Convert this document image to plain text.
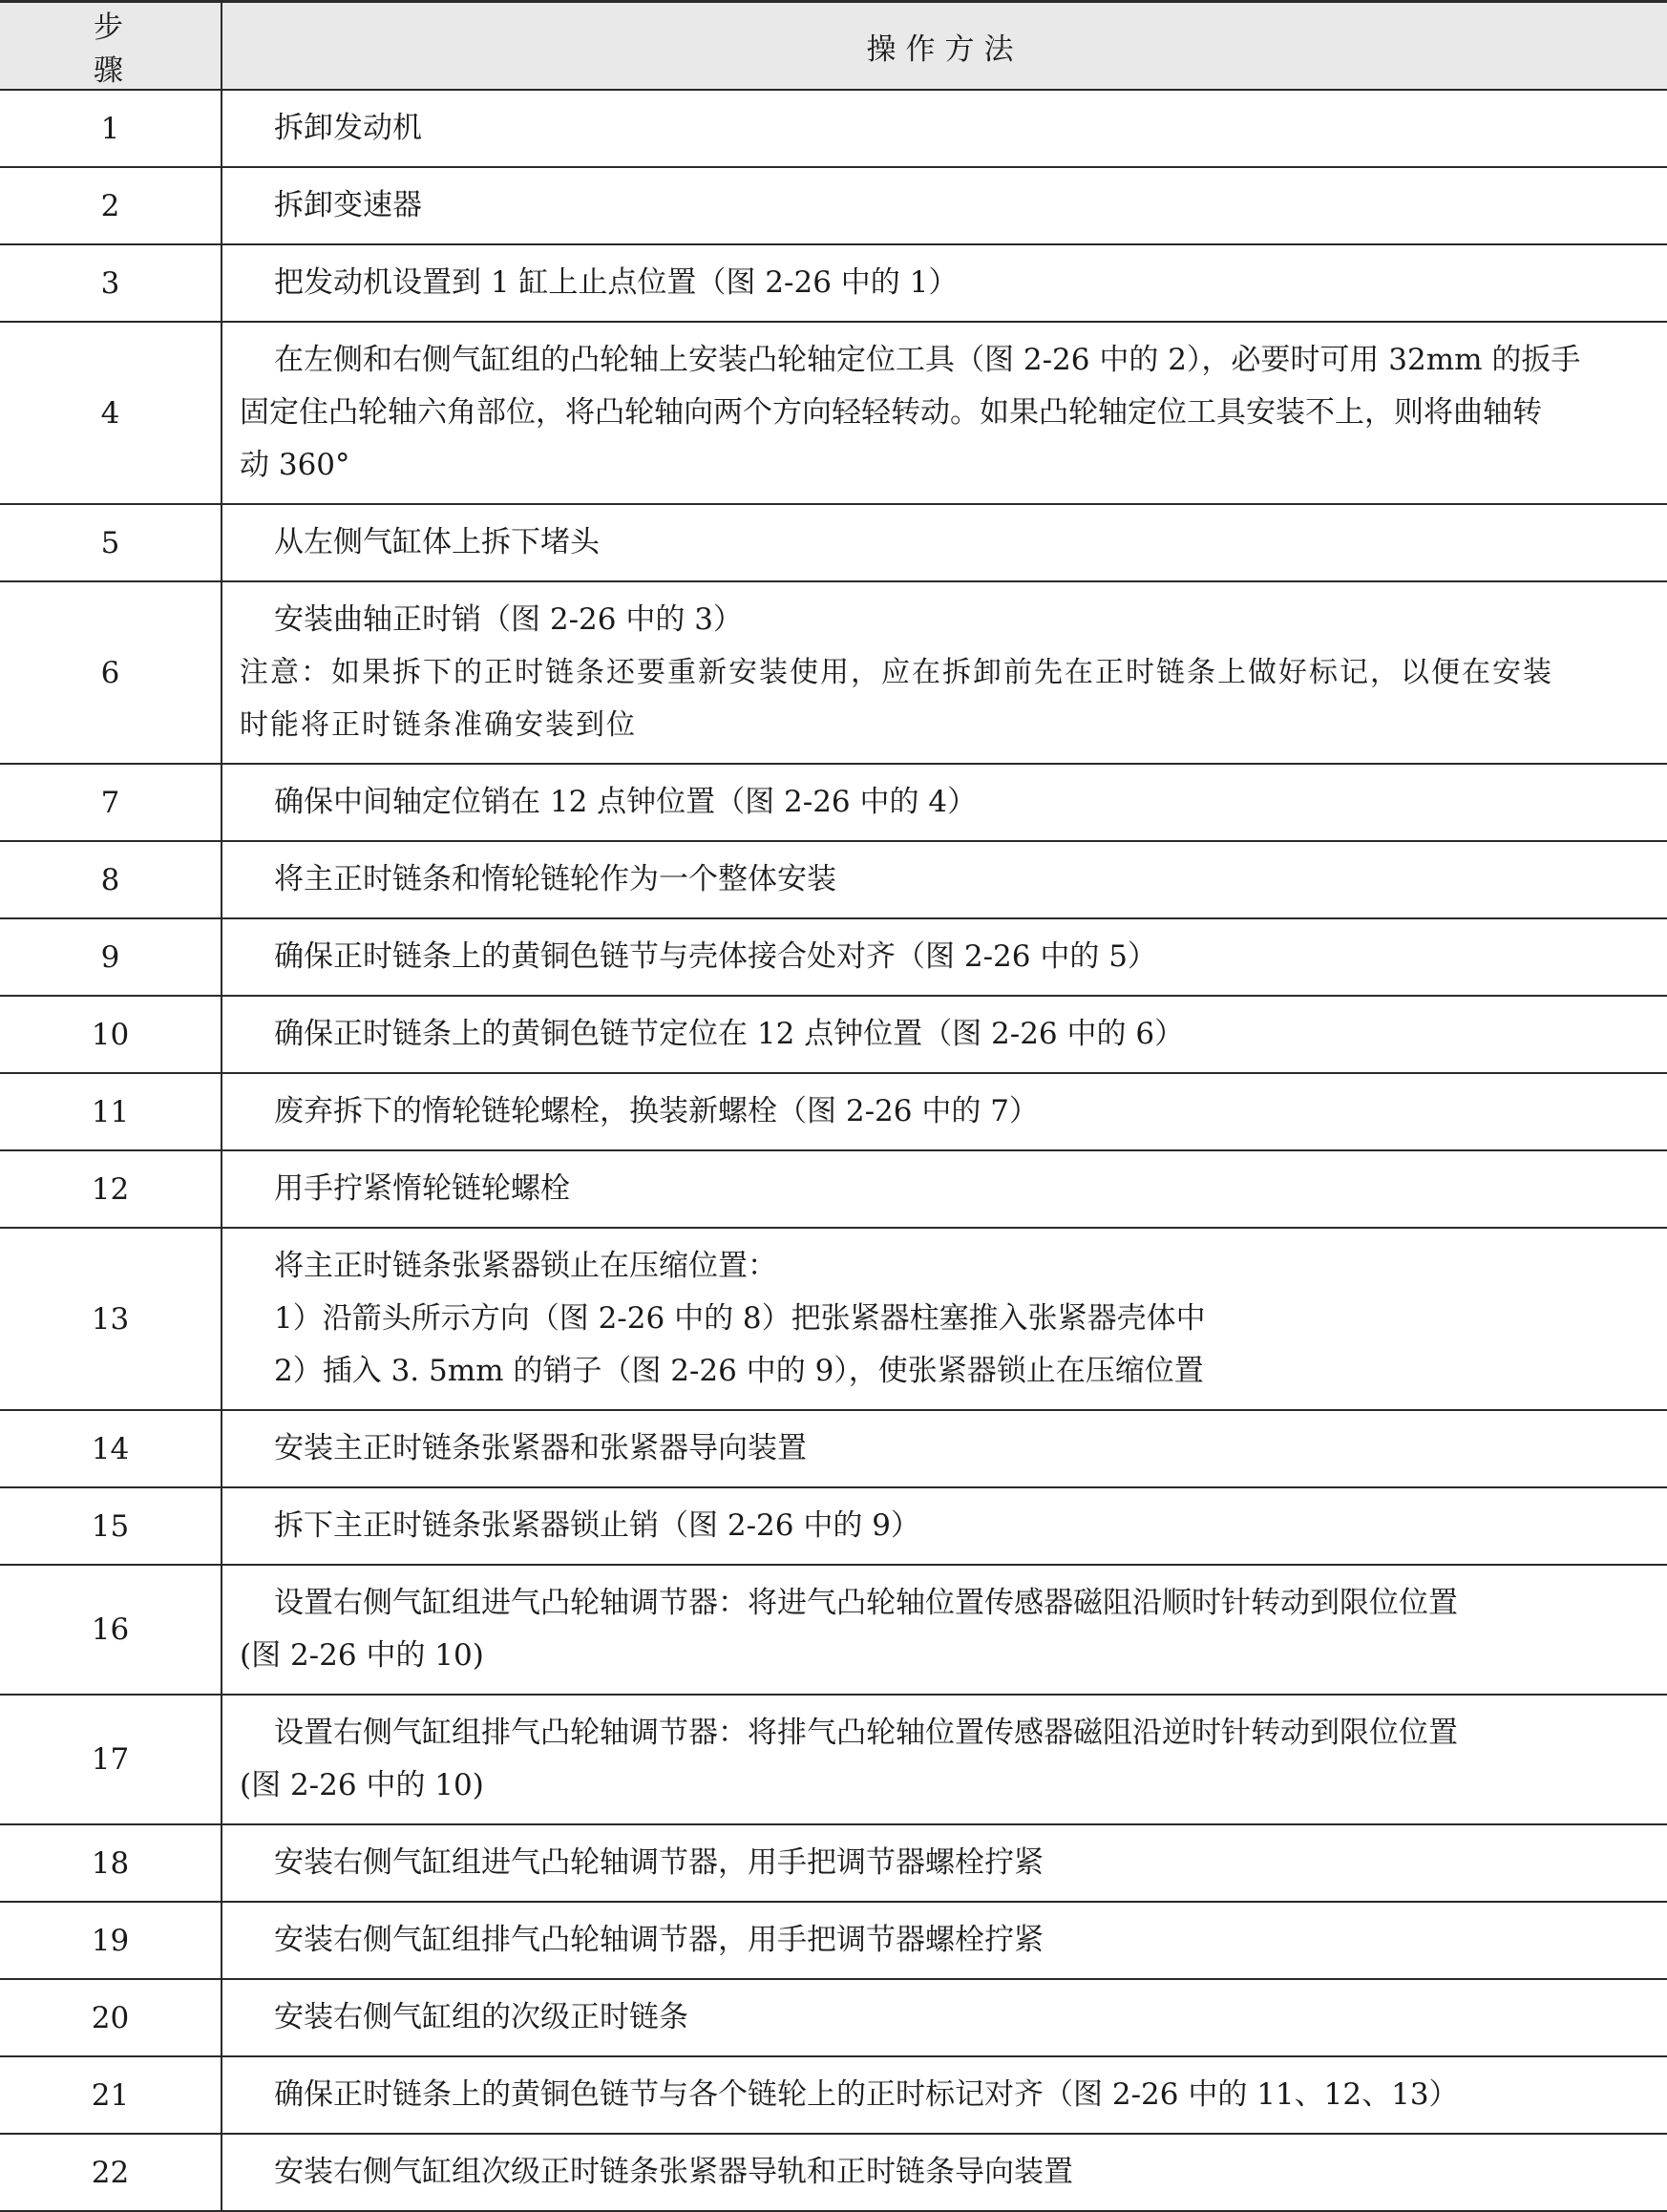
步骤	操作方法
1	拆卸发动机

2	拆卸变速器

3	把发动机设置到 1 缸上止点位置（图 2-26 中的 1）

4	在左侧和右侧气缸组的凸轮轴上安装凸轮轴定位工具（图 2-26 中的 2），必要时可用 32mm 的扳手
固定住凸轮轴六角部位，将凸轮轴向两个方向轻轻转动。如果凸轮轴定位工具安装不上，则将曲轴转
动 360°

5	从左侧气缸体上拆下堵头

6	安装曲轴正时销（图 2-26 中的 3）
注意：如果拆下的正时链条还要重新安装使用，应在拆卸前先在正时链条上做好标记，以便在安装
时能将正时链条准确安装到位

7	确保中间轴定位销在 12 点钟位置（图 2-26 中的 4）

8	将主正时链条和惰轮链轮作为一个整体安装

9	确保正时链条上的黄铜色链节与壳体接合处对齐（图 2-26 中的 5）

10	确保正时链条上的黄铜色链节定位在 12 点钟位置（图 2-26 中的 6）

11	废弃拆下的惰轮链轮螺栓，换装新螺栓（图 2-26 中的 7）

12	用手拧紧惰轮链轮螺栓

13	将主正时链条张紧器锁止在压缩位置：
1）沿箭头所示方向（图 2-26 中的 8）把张紧器柱塞推入张紧器壳体中
2）插入 3. 5mm 的销子（图 2-26 中的 9），使张紧器锁止在压缩位置

14	安装主正时链条张紧器和张紧器导向装置

15	拆下主正时链条张紧器锁止销（图 2-26 中的 9）

16	设置右侧气缸组进气凸轮轴调节器：将进气凸轮轴位置传感器磁阻沿顺时针转动到限位位置
(图 2-26 中的 10)

17	设置右侧气缸组排气凸轮轴调节器：将排气凸轮轴位置传感器磁阻沿逆时针转动到限位位置
(图 2-26 中的 10)

18	安装右侧气缸组进气凸轮轴调节器，用手把调节器螺栓拧紧

19	安装右侧气缸组排气凸轮轴调节器，用手把调节器螺栓拧紧

20	安装右侧气缸组的次级正时链条

21	确保正时链条上的黄铜色链节与各个链轮上的正时标记对齐（图 2-26 中的 11、12、13）

22	安装右侧气缸组次级正时链条张紧器导轨和正时链条导向装置
